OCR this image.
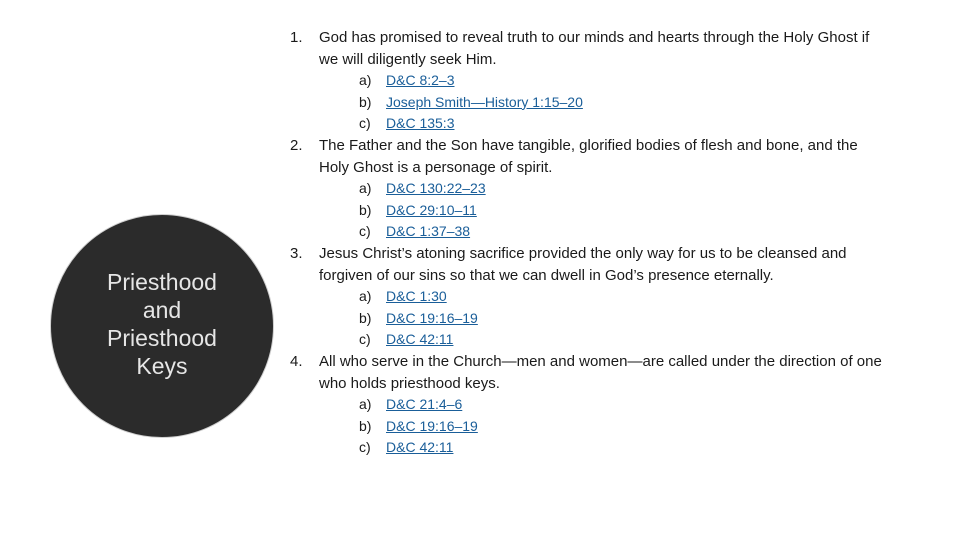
Priesthood
and
Priesthood
Keys
1. God has promised to reveal truth to our minds and hearts through the Holy Ghost if we will diligently seek Him.
a) D&C 8:2–3
b) Joseph Smith—History 1:15–20
c) D&C 135:3
2. The Father and the Son have tangible, glorified bodies of flesh and bone, and the Holy Ghost is a personage of spirit.
a) D&C 130:22–23
b) D&C 29:10–11
c) D&C 1:37–38
3. Jesus Christ’s atoning sacrifice provided the only way for us to be cleansed and forgiven of our sins so that we can dwell in God’s presence eternally.
a) D&C 1:30
b) D&C 19:16–19
c) D&C 42:11
4. All who serve in the Church—men and women—are called under the direction of one who holds priesthood keys.
a) D&C 21:4–6
b) D&C 19:16–19
c) D&C 42:11
